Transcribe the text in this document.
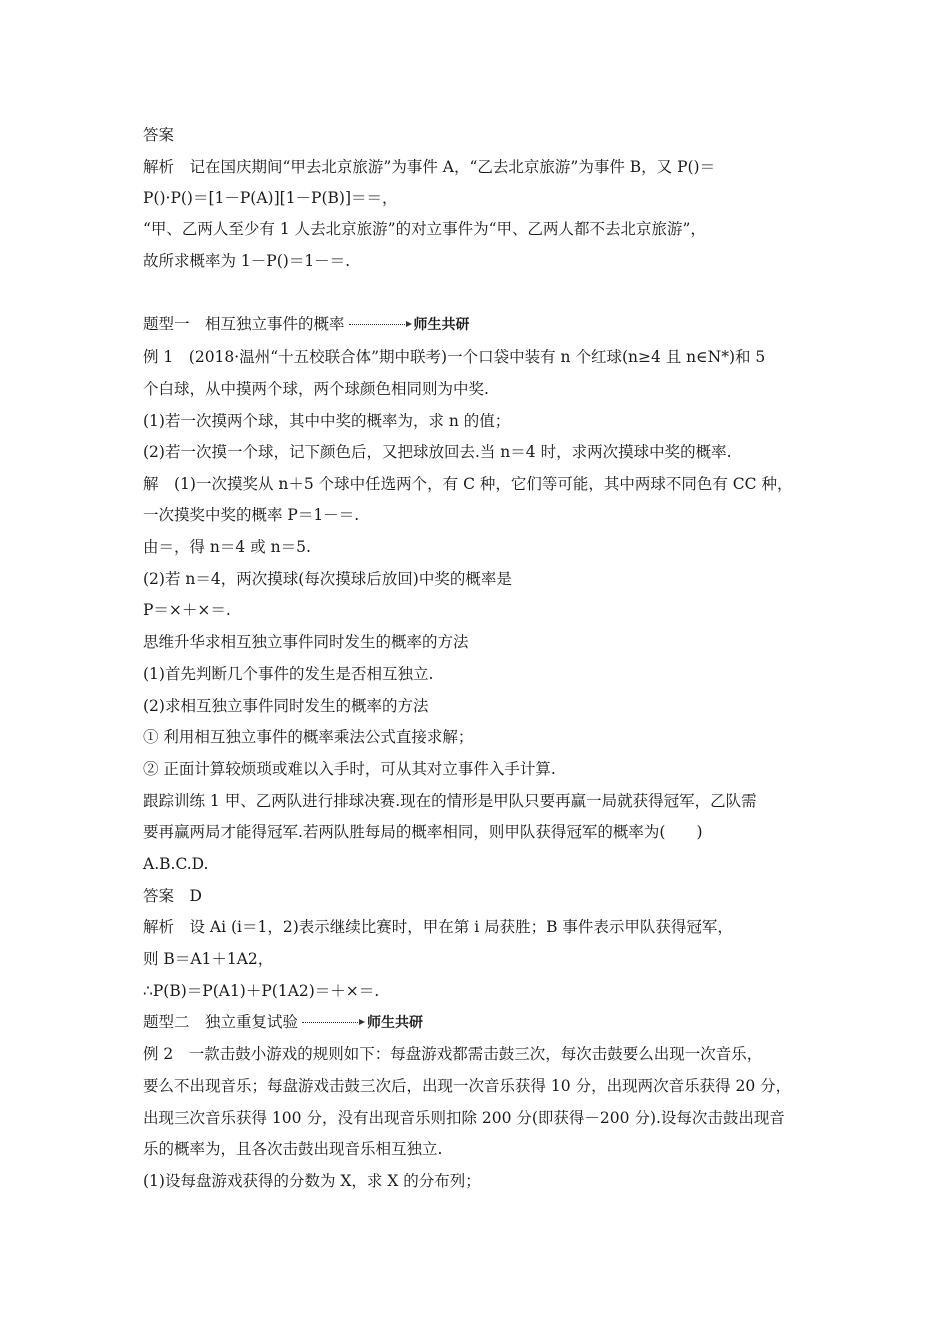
答案
解析　记在国庆期间“甲去北京旅游”为事件 A，“乙去北京旅游”为事件 B，又 P()＝
P()·P()＝[1－P(A)][1－P(B)]＝＝，
“甲、乙两人至少有 1 人去北京旅游”的对立事件为“甲、乙两人都不去北京旅游”，
故所求概率为 1－P()＝1－＝.
题型一　相互独立事件的概率	师生共研
例 1　(2018·温州“十五校联合体”期中联考)一个口袋中装有 n 个红球(n≥4 且 n∈N*)和 5
个白球，从中摸两个球，两个球颜色相同则为中奖.
(1)若一次摸两个球，其中中奖的概率为，求 n 的值；
(2)若一次摸一个球，记下颜色后，又把球放回去.当 n＝4 时，求两次摸球中奖的概率.
解　(1)一次摸奖从 n＋5 个球中任选两个，有 C 种，它们等可能，其中两球不同色有 CC 种，
一次摸奖中奖的概率 P＝1－＝.
由＝，得 n＝4 或 n＝5.
(2)若 n＝4，两次摸球(每次摸球后放回)中奖的概率是
P＝×＋×＝.
思维升华求相互独立事件同时发生的概率的方法
(1)首先判断几个事件的发生是否相互独立.
(2)求相互独立事件同时发生的概率的方法
① 利用相互独立事件的概率乘法公式直接求解；
② 正面计算较烦琐或难以入手时，可从其对立事件入手计算.
跟踪训练 1 甲、乙两队进行排球决赛.现在的情形是甲队只要再赢一局就获得冠军，乙队需
要再赢两局才能得冠军.若两队胜每局的概率相同，则甲队获得冠军的概率为(　　)
A.B.C.D.
答案　D
解析　设 Ai (i＝1，2)表示继续比赛时，甲在第 i 局获胜；B 事件表示甲队获得冠军，
则 B＝A1＋1A2，
∴P(B)＝P(A1)＋P(1A2)＝＋×＝.
题型二　独立重复试验	师生共研
例 2　一款击鼓小游戏的规则如下：每盘游戏都需击鼓三次，每次击鼓要么出现一次音乐，
要么不出现音乐；每盘游戏击鼓三次后，出现一次音乐获得 10 分，出现两次音乐获得 20 分，
出现三次音乐获得 100 分，没有出现音乐则扣除 200 分(即获得－200 分).设每次击鼓出现音
乐的概率为，且各次击鼓出现音乐相互独立.
(1)设每盘游戏获得的分数为 X，求 X 的分布列；
